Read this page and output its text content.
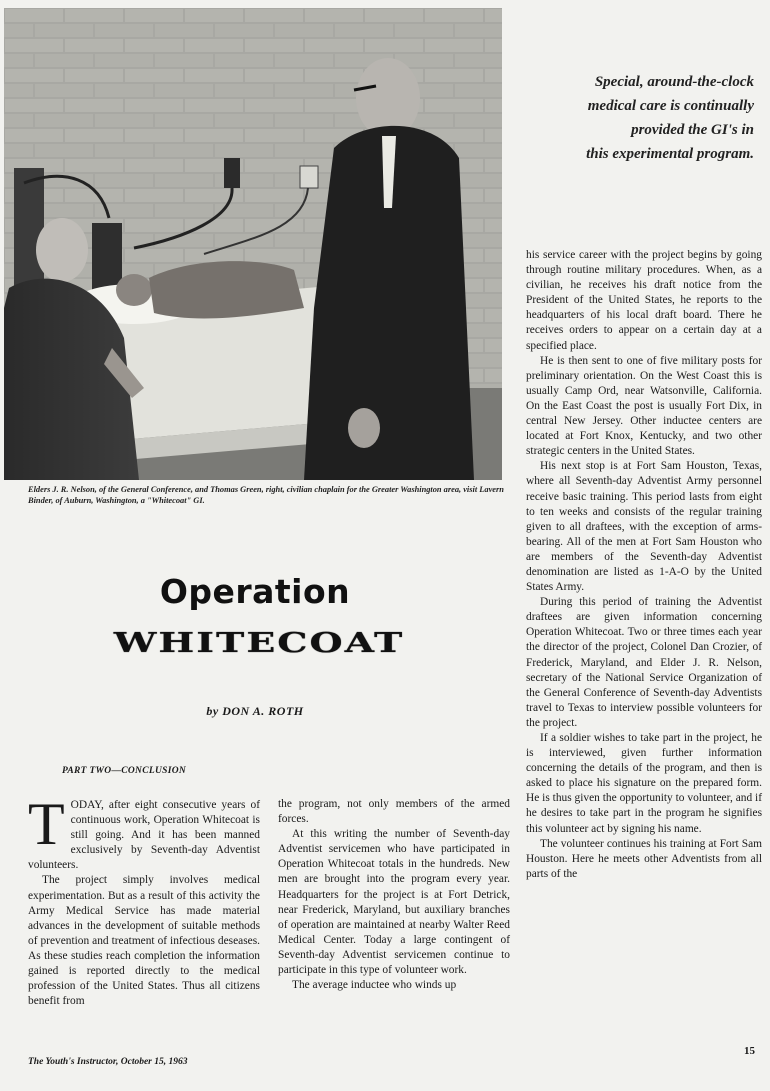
Elders J. R. Nelson, of the General Conference, and Thomas Green, right, civilian chaplain for the Greater Washington area, visit Lavern Binder, of Auburn, Washington, a "Whitecoat" GI.
Special, around-the-clock
medical care is continually
provided the GI's in
this experimental program.
Operation
WHITECOAT
by DON A. ROTH
PART TWO—CONCLUSION

TODAY, after eight consecutive years of continuous work, Operation Whitecoat is still going. And it has been manned exclusively by Seventh-day Adventist volunteers.

The project simply involves medical experimentation. But as a result of this activity the Army Medical Service has made material advances in the development of suitable methods of prevention and treatment of infectious deseases. As these studies reach completion the information gained is reported directly to the medical profession of the United States. Thus all citizens benefit from

the program, not only members of the armed forces.

At this writing the number of Seventh-day Adventist servicemen who have participated in Operation Whitecoat totals in the hundreds. New men are brought into the program every year. Headquarters for the project is at Fort Detrick, near Frederick, Maryland, but auxiliary branches of operation are maintained at nearby Walter Reed Medical Center. Today a large contingent of Seventh-day Adventist servicemen continue to participate in this type of volunteer work.

The average inductee who winds up

his service career with the project begins by going through routine military procedures. When, as a civilian, he receives his draft notice from the President of the United States, he reports to the headquarters of his local draft board. There he receives orders to appear on a certain day at a specified place.

He is then sent to one of five military posts for preliminary orientation. On the West Coast this is usually Camp Ord, near Watsonville, California. On the East Coast the post is usually Fort Dix, in central New Jersey. Other inductee centers are located at Fort Knox, Kentucky, and two other strategic centers in the United States.

His next stop is at Fort Sam Houston, Texas, where all Seventh-day Adventist Army personnel receive basic training. This period lasts from eight to ten weeks and consists of the regular training given to all draftees, with the exception of arms-bearing. All of the men at Fort Sam Houston who are members of the Seventh-day Adventist denomination are listed as 1-A-O by the United States Army.

During this period of training the Adventist draftees are given information concerning Operation Whitecoat. Two or three times each year the director of the project, Colonel Dan Crozier, of Frederick, Maryland, and Elder J. R. Nelson, secretary of the National Service Organization of the General Conference of Seventh-day Adventists travel to Texas to interview possible volunteers for the project.

If a soldier wishes to take part in the project, he is interviewed, given further information concerning the details of the program, and then is asked to place his signature on the prepared form. He is thus given the opportunity to volunteer, and if he desires to take part in the program he signifies this volunteer act by signing his name.

The volunteer continues his training at Fort Sam Houston. Here he meets other Adventists from all parts of the

The Youth's Instructor, October 15, 1963
15
